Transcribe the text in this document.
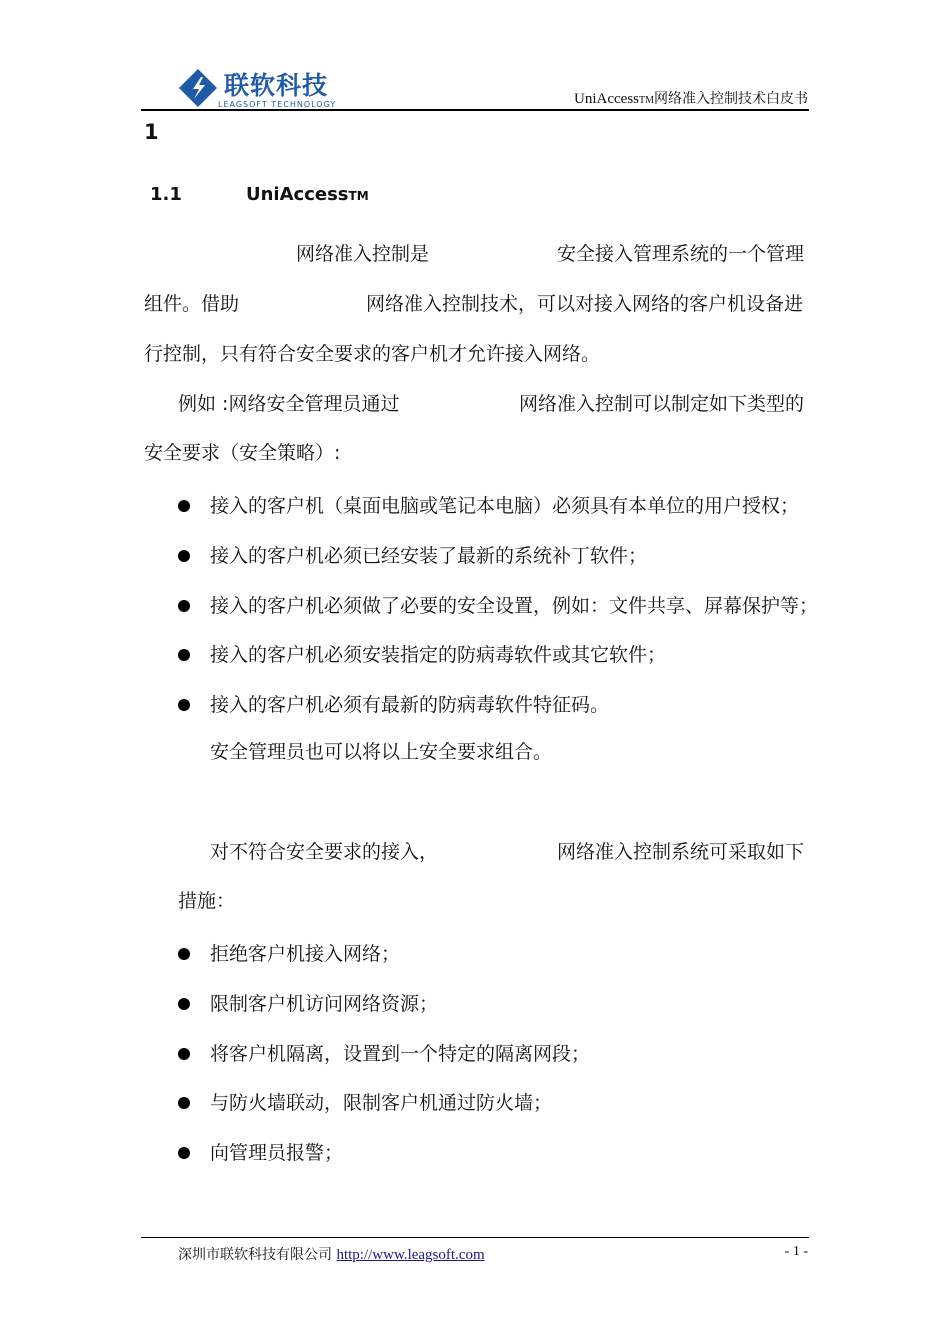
联软科技
LEAGSOFT TECHNOLOGY	UniAccessTM网络准入控制技术白皮书
1
1.1	UniAccessTM
网络准入控制是	安全接入管理系统的一个管理
组件。借助	网络准入控制技术，可以对接入网络的客户机设备进
行控制，只有符合安全要求的客户机才允许接入网络。
例如 :网络安全管理员通过	网络准入控制可以制定如下类型的
安全要求（安全策略）:
接入的客户机（桌面电脑或笔记本电脑）必须具有本单位的用户授权；
接入的客户机必须已经安装了最新的系统补丁软件；
接入的客户机必须做了必要的安全设置，例如：文件共享、屏幕保护等；
接入的客户机必须安装指定的防病毒软件或其它软件；
接入的客户机必须有最新的防病毒软件特征码。
安全管理员也可以将以上安全要求组合。
对不符合安全要求的接入，	网络准入控制系统可采取如下
措施：
拒绝客户机接入网络；
限制客户机访问网络资源；
将客户机隔离，设置到一个特定的隔离网段；
与防火墙联动，限制客户机通过防火墙；
向管理员报警；
深圳市联软科技有限公司 http://www.leagsoft.com	- 1 -
